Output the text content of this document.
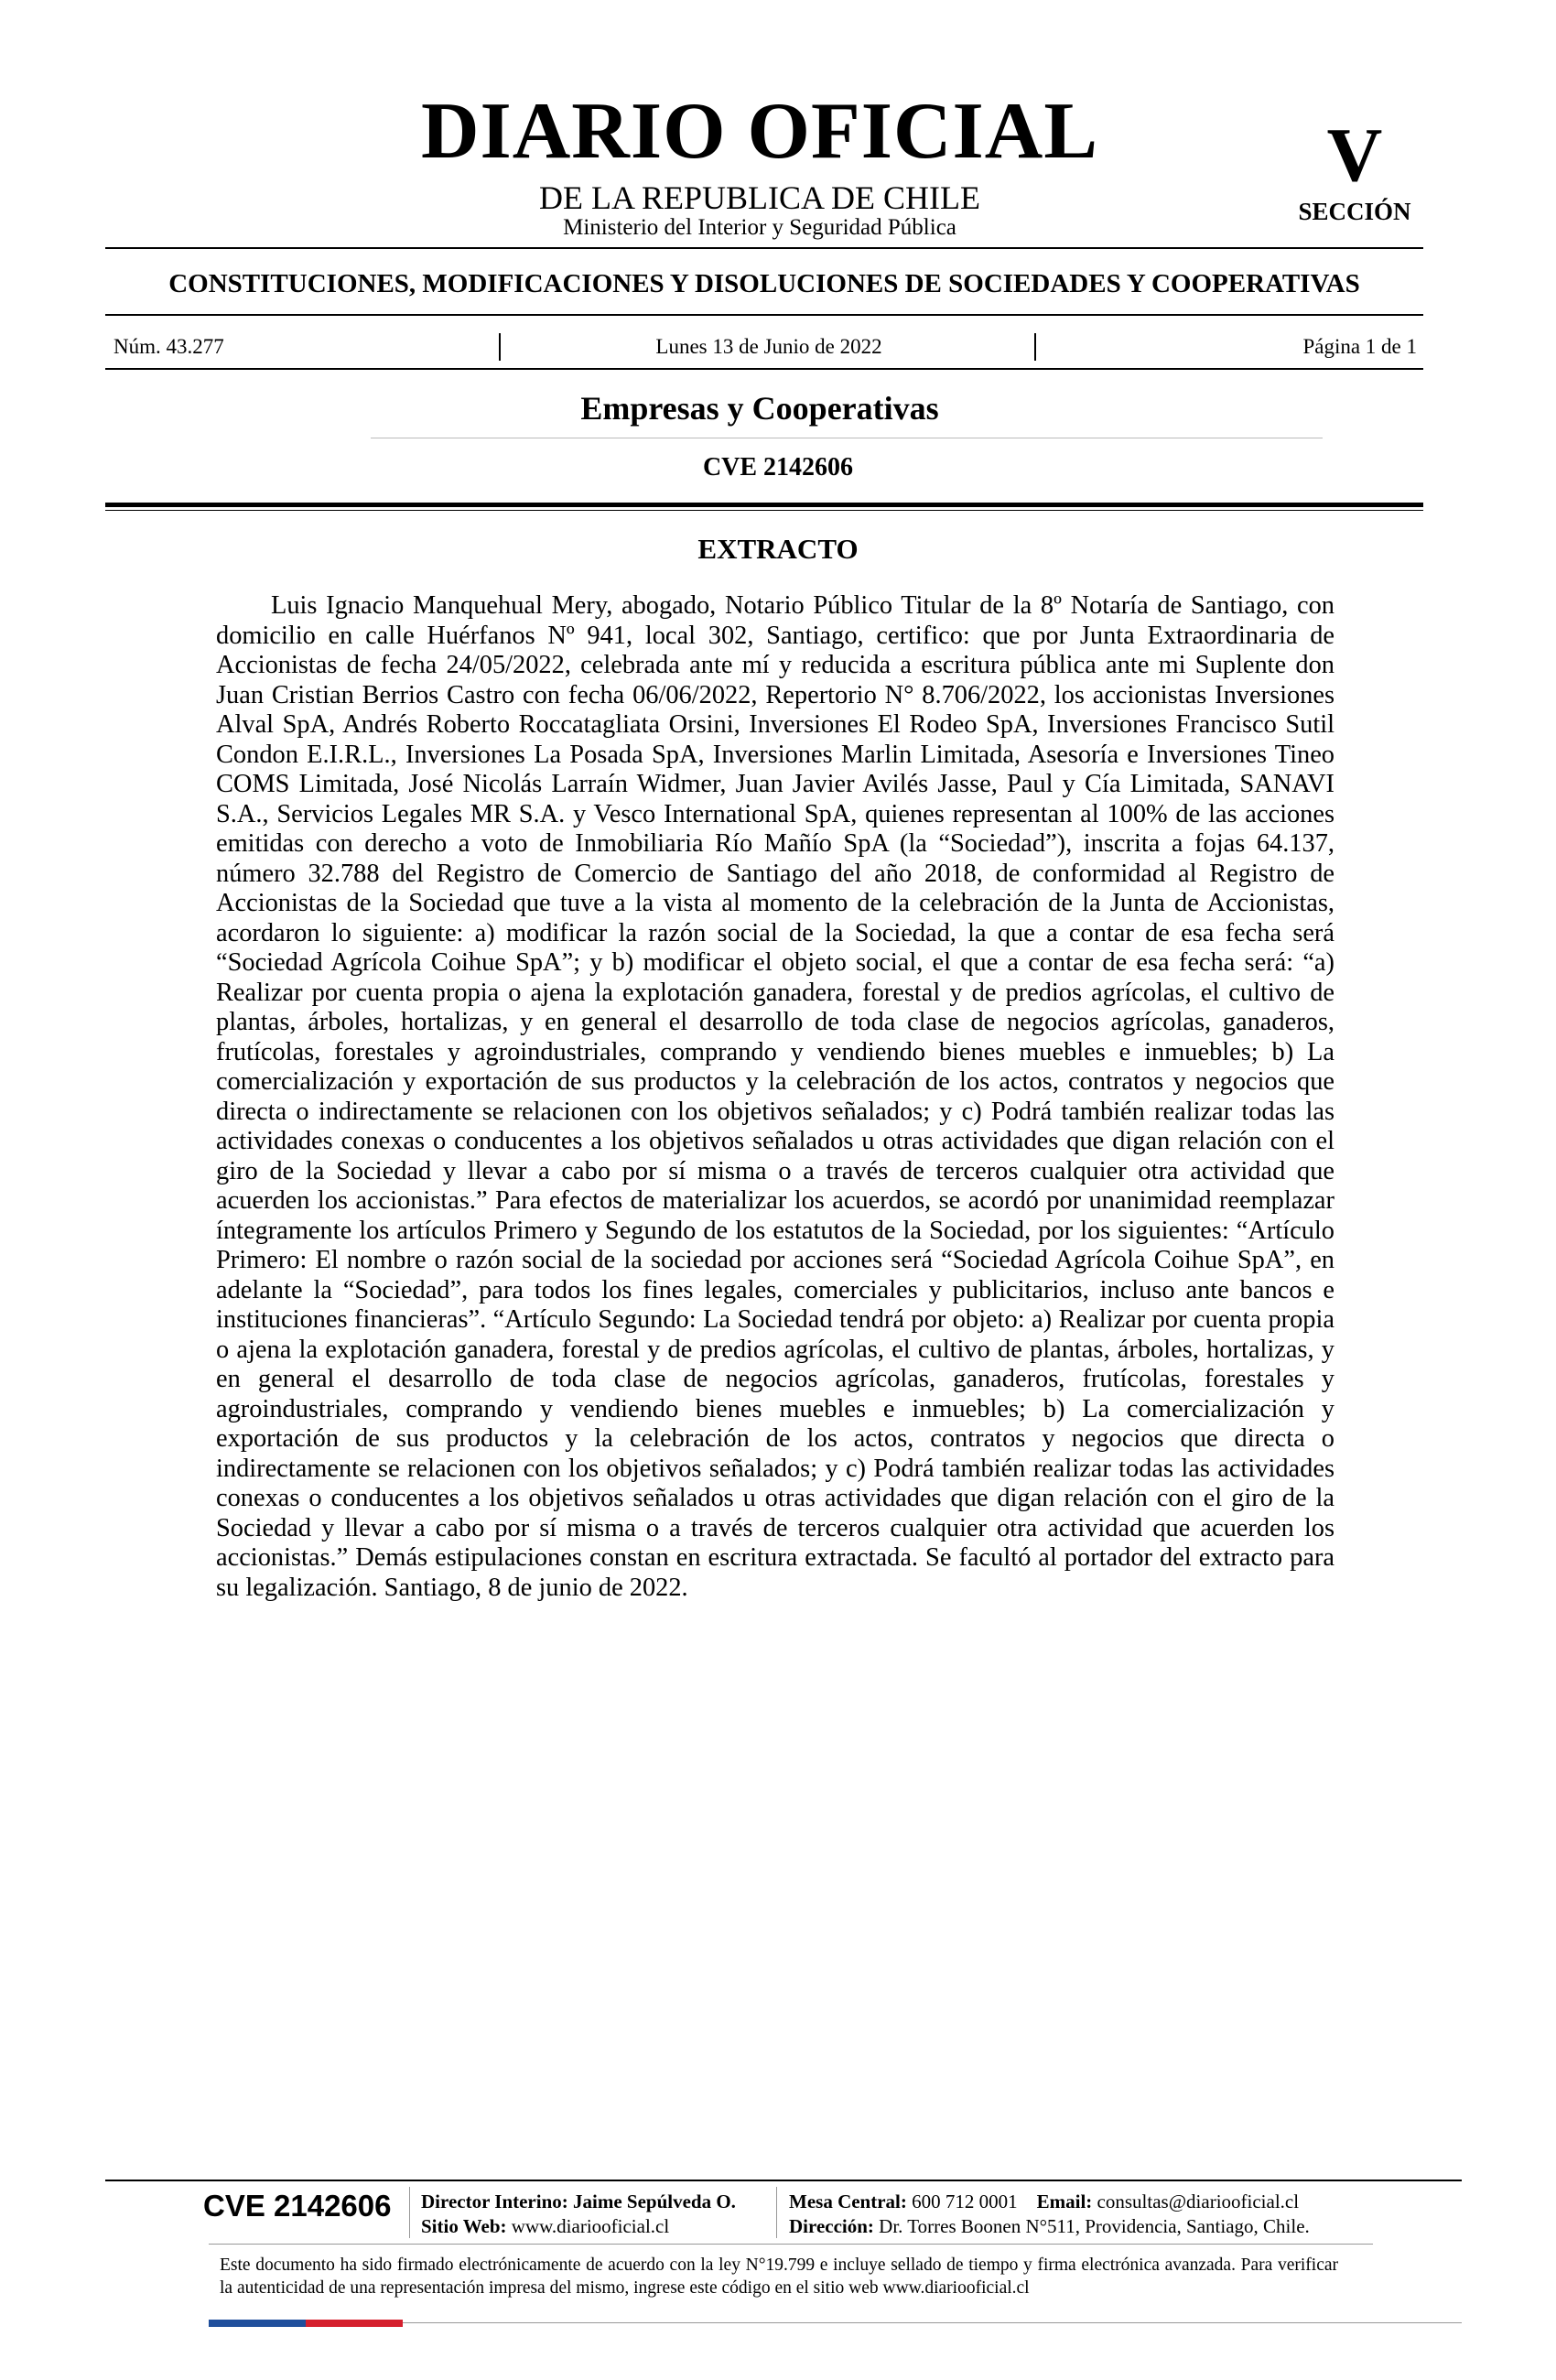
DIARIO OFICIAL
DE LA REPUBLICA DE CHILE
Ministerio del Interior y Seguridad Pública
V
SECCIÓN
CONSTITUCIONES, MODIFICACIONES Y DISOLUCIONES DE SOCIEDADES Y COOPERATIVAS
Núm. 43.277	Lunes 13 de Junio de 2022	Página 1 de 1
Empresas y Cooperativas
CVE 2142606
EXTRACTO
Luis Ignacio Manquehual Mery, abogado, Notario Público Titular de la 8º Notaría de Santiago, con domicilio en calle Huérfanos Nº 941, local 302, Santiago, certifico: que por Junta Extraordinaria de Accionistas de fecha 24/05/2022, celebrada ante mí y reducida a escritura pública ante mi Suplente don Juan Cristian Berrios Castro con fecha 06/06/2022, Repertorio N° 8.706/2022, los accionistas Inversiones Alval SpA, Andrés Roberto Roccatagliata Orsini, Inversiones El Rodeo SpA, Inversiones Francisco Sutil Condon E.I.R.L., Inversiones La Posada SpA, Inversiones Marlin Limitada, Asesoría e Inversiones Tineo COMS Limitada, José Nicolás Larraín Widmer, Juan Javier Avilés Jasse, Paul y Cía Limitada, SANAVI S.A., Servicios Legales MR S.A. y Vesco International SpA, quienes representan al 100% de las acciones emitidas con derecho a voto de Inmobiliaria Río Mañío SpA (la “Sociedad”), inscrita a fojas 64.137, número 32.788 del Registro de Comercio de Santiago del año 2018, de conformidad al Registro de Accionistas de la Sociedad que tuve a la vista al momento de la celebración de la Junta de Accionistas, acordaron lo siguiente: a) modificar la razón social de la Sociedad, la que a contar de esa fecha será “Sociedad Agrícola Coihue SpA”; y b) modificar el objeto social, el que a contar de esa fecha será: “a) Realizar por cuenta propia o ajena la explotación ganadera, forestal y de predios agrícolas, el cultivo de plantas, árboles, hortalizas, y en general el desarrollo de toda clase de negocios agrícolas, ganaderos, frutícolas, forestales y agroindustriales, comprando y vendiendo bienes muebles e inmuebles; b) La comercialización y exportación de sus productos y la celebración de los actos, contratos y negocios que directa o indirectamente se relacionen con los objetivos señalados; y c) Podrá también realizar todas las actividades conexas o conducentes a los objetivos señalados u otras actividades que digan relación con el giro de la Sociedad y llevar a cabo por sí misma o a través de terceros cualquier otra actividad que acuerden los accionistas.” Para efectos de materializar los acuerdos, se acordó por unanimidad reemplazar íntegramente los artículos Primero y Segundo de los estatutos de la Sociedad, por los siguientes: “Artículo Primero: El nombre o razón social de la sociedad por acciones será “Sociedad Agrícola Coihue SpA”, en adelante la “Sociedad”, para todos los fines legales, comerciales y publicitarios, incluso ante bancos e instituciones financieras”. “Artículo Segundo: La Sociedad tendrá por objeto: a) Realizar por cuenta propia o ajena la explotación ganadera, forestal y de predios agrícolas, el cultivo de plantas, árboles, hortalizas, y en general el desarrollo de toda clase de negocios agrícolas, ganaderos, frutícolas, forestales y agroindustriales, comprando y vendiendo bienes muebles e inmuebles; b) La comercialización y exportación de sus productos y la celebración de los actos, contratos y negocios que directa o indirectamente se relacionen con los objetivos señalados; y c) Podrá también realizar todas las actividades conexas o conducentes a los objetivos señalados u otras actividades que digan relación con el giro de la Sociedad y llevar a cabo por sí misma o a través de terceros cualquier otra actividad que acuerden los accionistas.” Demás estipulaciones constan en escritura extractada. Se facultó al portador del extracto para su legalización. Santiago, 8 de junio de 2022.
CVE 2142606 Director Interino: Jaime Sepúlveda O.
Sitio Web: www.diariooficial.cl
Mesa Central: 600 712 0001 Email: consultas@diariooficial.cl
Dirección: Dr. Torres Boonen N°511, Providencia, Santiago, Chile.
Este documento ha sido firmado electrónicamente de acuerdo con la ley N°19.799 e incluye sellado de tiempo y firma electrónica avanzada. Para verificar la autenticidad de una representación impresa del mismo, ingrese este código en el sitio web www.diariooficial.cl
